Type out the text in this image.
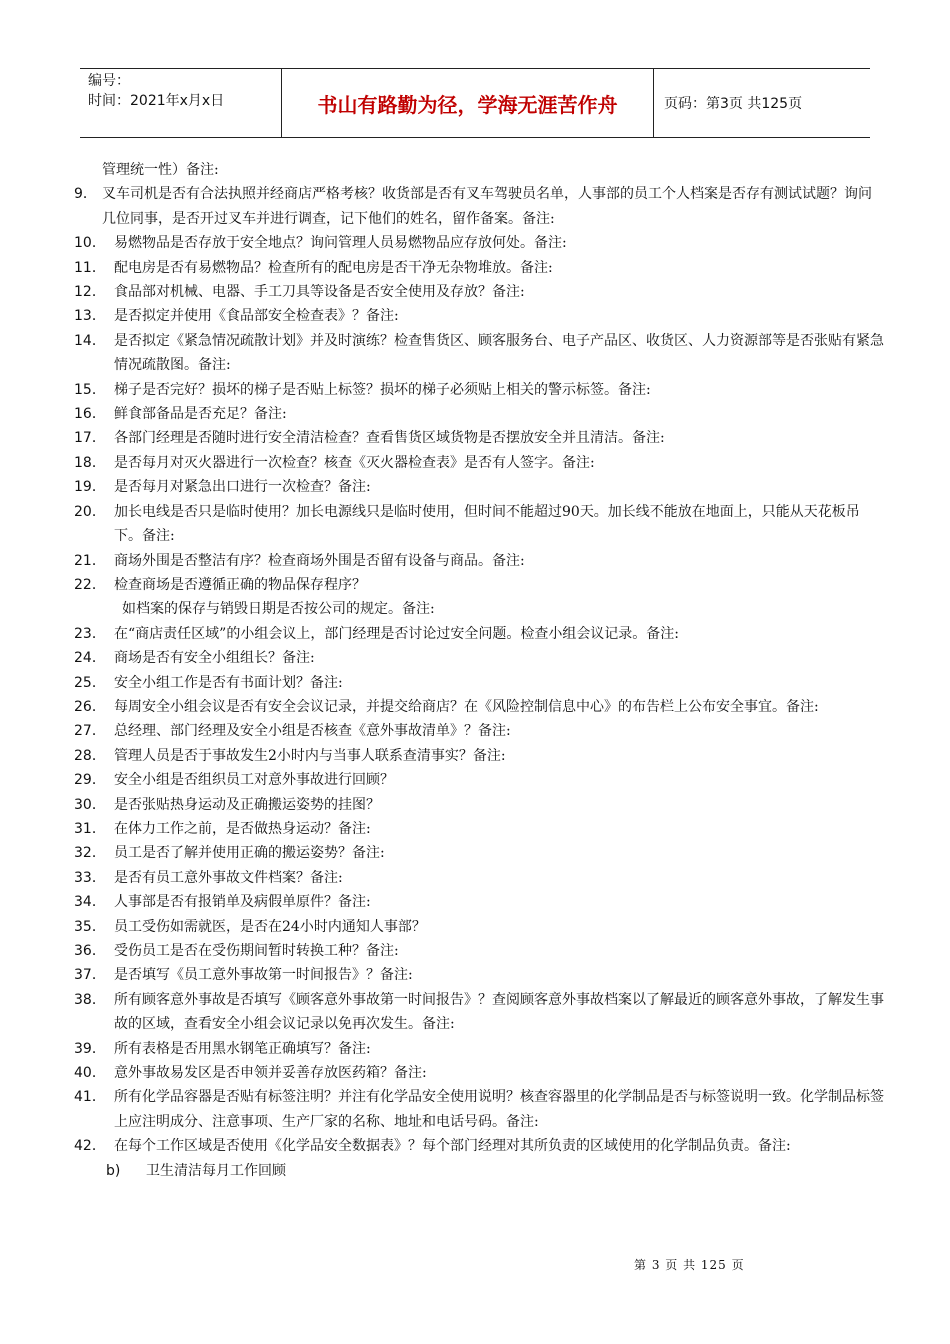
编号：
时间：2021年x月x日	书山有路勤为径，学海无涯苦作舟	页码：第3页 共125页
管理统一性）备注:
9． 叉车司机是否有合法执照并经商店严格考核？收货部是否有叉车驾驶员名单，人事部的员工个人档案是否存有测试试题？询问几位同事，是否开过叉车并进行调查，记下他们的姓名，留作备案。备注:
10． 易燃物品是否存放于安全地点？询问管理人员易燃物品应存放何处。备注:
11． 配电房是否有易燃物品？检查所有的配电房是否干净无杂物堆放。备注:
12． 食品部对机械、电器、手工刀具等设备是否安全使用及存放？备注:
13． 是否拟定并使用《食品部安全检查表》？备注:
14． 是否拟定《紧急情况疏散计划》并及时演练？检查售货区、顾客服务台、电子产品区、收货区、人力资源部等是否张贴有紧急情况疏散图。备注:
15． 梯子是否完好？损坏的梯子是否贴上标签？损坏的梯子必须贴上相关的警示标签。备注:
16． 鲜食部备品是否充足？备注:
17． 各部门经理是否随时进行安全清洁检查？查看售货区域货物是否摆放安全并且清洁。备注:
18． 是否每月对灭火器进行一次检查？核查《灭火器检查表》是否有人签字。备注:
19． 是否每月对紧急出口进行一次检查？备注:
20． 加长电线是否只是临时使用？加长电源线只是临时使用，但时间不能超过90天。加长线不能放在地面上，只能从天花板吊下。备注:
21． 商场外围是否整洁有序？检查商场外围是否留有设备与商品。备注:
22． 检查商场是否遵循正确的物品保存程序？
如档案的保存与销毁日期是否按公司的规定。备注:
23． 在“商店责任区域”的小组会议上，部门经理是否讨论过安全问题。检查小组会议记录。备注:
24． 商场是否有安全小组组长？备注:
25． 安全小组工作是否有书面计划？备注:
26． 每周安全小组会议是否有安全会议记录，并提交给商店？在《风险控制信息中心》的布告栏上公布安全事宜。备注:
27． 总经理、部门经理及安全小组是否核查《意外事故清单》？备注:
28． 管理人员是否于事故发生2小时内与当事人联系查清事实？备注:
29． 安全小组是否组织员工对意外事故进行回顾？
30． 是否张贴热身运动及正确搬运姿势的挂图？
31． 在体力工作之前，是否做热身运动？备注:
32． 员工是否了解并使用正确的搬运姿势？备注:
33． 是否有员工意外事故文件档案？备注:
34． 人事部是否有报销单及病假单原件？备注:
35． 员工受伤如需就医，是否在24小时内通知人事部？
36． 受伤员工是否在受伤期间暂时转换工种？备注:
37． 是否填写《员工意外事故第一时间报告》？备注:
38． 所有顾客意外事故是否填写《顾客意外事故第一时间报告》？查阅顾客意外事故档案以了解最近的顾客意外事故，了解发生事故的区域，查看安全小组会议记录以免再次发生。备注:
39． 所有表格是否用黑水钢笔正确填写？备注:
40． 意外事故易发区是否申领并妥善存放医药箱？备注:
41． 所有化学品容器是否贴有标签注明？并注有化学品安全使用说明？核查容器里的化学制品是否与标签说明一致。化学制品标签上应注明成分、注意事项、生产厂家的名称、地址和电话号码。备注:
42． 在每个工作区域是否使用《化学品安全数据表》？每个部门经理对其所负责的区域使用的化学制品负责。备注:
b)	卫生清洁每月工作回顾
第 3 页 共 125 页
